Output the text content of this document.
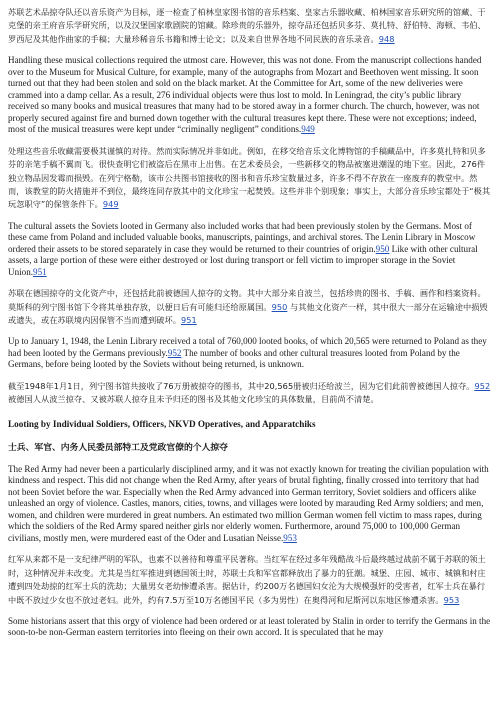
苏联艺术品掠夺队还以音乐资产为目标，逐一检查了柏林皇家图书馆的音乐档案、皇家古乐器收藏、柏林国家音乐研究所的馆藏、于克堡的亲王府音乐学研究所，以及汉堡国家歌剧院的馆藏。除珍贵的乐器外，掠夺品还包括贝多芬、莫扎特、舒伯特、海顿、韦伯、罗西尼及其他作曲家的手稿；大量珍稀音乐书籍和博士论文；以及来自世界各地不同民族的音乐录音。948

Handling these musical collections required the utmost care. However, this was not done. From the manuscript collections handed over to the Museum for Musical Culture, for example, many of the autographs from Mozart and Beethoven went missing. It soon turned out that they had been stolen and sold on the black market. At the Committee for Art, some of the new deliveries were crammed into a damp cellar. As a result, 276 individual objects were thus lost to mold. In Leningrad, the city’s public library received so many books and musical treasures that many had to be stored away in a former church. The church, however, was not properly secured against fire and burned down together with the cultural treasures kept there. These were not exceptions; indeed, most of the musical treasures were kept under “criminally negligent” conditions.949

处理这些音乐收藏需要极其谨慎的对待。然而实际情况并非如此。例如，在移交给音乐文化博物馆的手稿藏品中，许多莫扎特和贝多芬的亲笔手稿不翼而飞。很快查明它们被盗后在黑市上出售。在艺术委员会，一些新移交的物品被塞进潮湿的地下室。因此，276件独立物品因发霉而损毁。在列宁格勒，该市公共图书馆接收的图书和音乐珍宝数量过多，许多不得不存放在一座废弃的教堂中。然而，该教堂的防火措施并不到位，最终连同存放其中的文化珍宝一起焚毁。这些并非个别现象；事实上，大部分音乐珍宝都处于“极其玩忽职守”的保管条件下。949

The cultural assets the Soviets looted in Germany also included works that had been previously stolen by the Germans. Most of these came from Poland and included valuable books, manuscripts, paintings, and archival stores. The Lenin Library in Moscow ordered their assets to be stored separately in case they would be returned to their countries of origin.950 Like with other cultural assets, a large portion of these were either destroyed or lost during transport or fell victim to improper storage in the Soviet Union.951

苏联在德国掠夺的文化资产中，还包括此前被德国人掠夺的文物。其中大部分来自波兰，包括珍贵的图书、手稿、画作和档案资料。莫斯科的列宁图书馆下令将其单独存放，以便日后有可能归还给原属国。950 与其他文化资产一样，其中很大一部分在运输途中损毁或遗失，或在苏联境内因保管不当而遭到破坏。951

Up to January 1, 1948, the Lenin Library received a total of 760,000 looted books, of which 20,565 were returned to Poland as they had been looted by the Germans previously.952 The number of books and other cultural treasures looted from Poland by the Germans, before being looted by the Soviets without being returned, is unknown.

截至1948年1月1日，列宁图书馆共接收了76万册被掠夺的图书，其中20,565册被归还给波兰，因为它们此前曾被德国人掠夺。952 被德国人从波兰掠夺、又被苏联人掠夺且未予归还的图书及其他文化珍宝的具体数量，目前尚不清楚。

Looting by Individual Soldiers, Officers, NKVD Operatives, and Apparatchiks
士兵、军官、内务人民委员部特工及党政官僚的个人掠夺

The Red Army had never been a particularly disciplined army, and it was not exactly known for treating the civilian population with kindness and respect. This did not change when the Red Army, after years of brutal fighting, finally crossed into territory that had not been Soviet before the war. Especially when the Red Army advanced into German territory, Soviet soldiers and officers alike unleashed an orgy of violence. Castles, manors, cities, towns, and villages were looted by marauding Red Army soldiers; and men, women, and children were murdered in great numbers. An estimated two million German women fell victim to mass rapes, during which the soldiers of the Red Army spared neither girls nor elderly women. Furthermore, around 75,000 to 100,000 German civilians, mostly men, were murdered east of the Oder and Lusatian Neisse.953

红军从来都不是一支纪律严明的军队，也素不以善待和尊重平民著称。当红军在经过多年残酷战斗后最终越过战前不属于苏联的领土时，这种情况并未改变。尤其是当红军推进到德国领土时，苏联士兵和军官都释放出了暴力的狂潮。城堡、庄园、城市、城镇和村庄遭到四处劫掠的红军士兵的洗劫；大量男女老幼惨遭杀害。据估计，约200万名德国妇女沦为大规模强奸的受害者，红军士兵在暴行中既不放过少女也不放过老妇。此外，约有7.5万至10万名德国平民（多为男性）在奥得河和尼斯河以东地区惨遭杀害。953

Some historians assert that this orgy of violence had been ordered or at least tolerated by Stalin in order to terrify the Germans in the soon-to-be non-German eastern territories into fleeing on their own accord. It is speculated that he may
